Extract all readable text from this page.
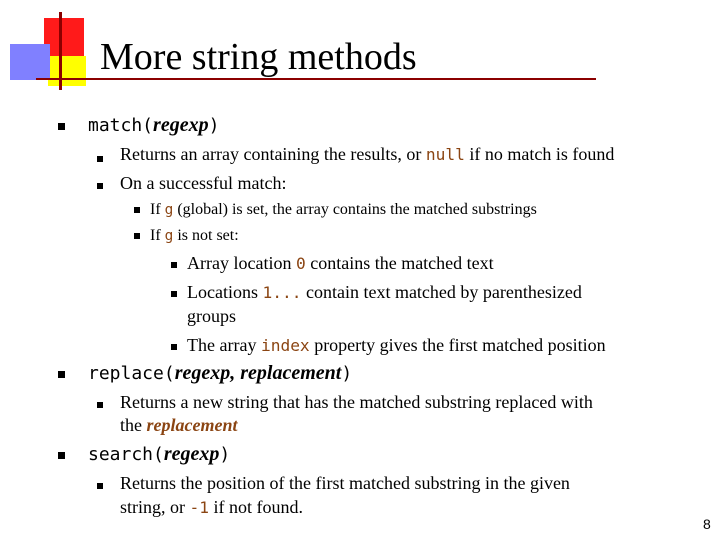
More string methods
match(regexp)
Returns an array containing the results, or null if no match is found
On a successful match:
If g (global) is set, the array contains the matched substrings
If g is not set:
Array location 0 contains the matched text
Locations 1... contain text matched by parenthesized
groups
The array index property gives the first matched position
replace(regexp, replacement)
Returns a new string that has the matched substring replaced with
the replacement
search(regexp)
Returns the position of the first matched substring in the given
string, or -1 if not found.
8
